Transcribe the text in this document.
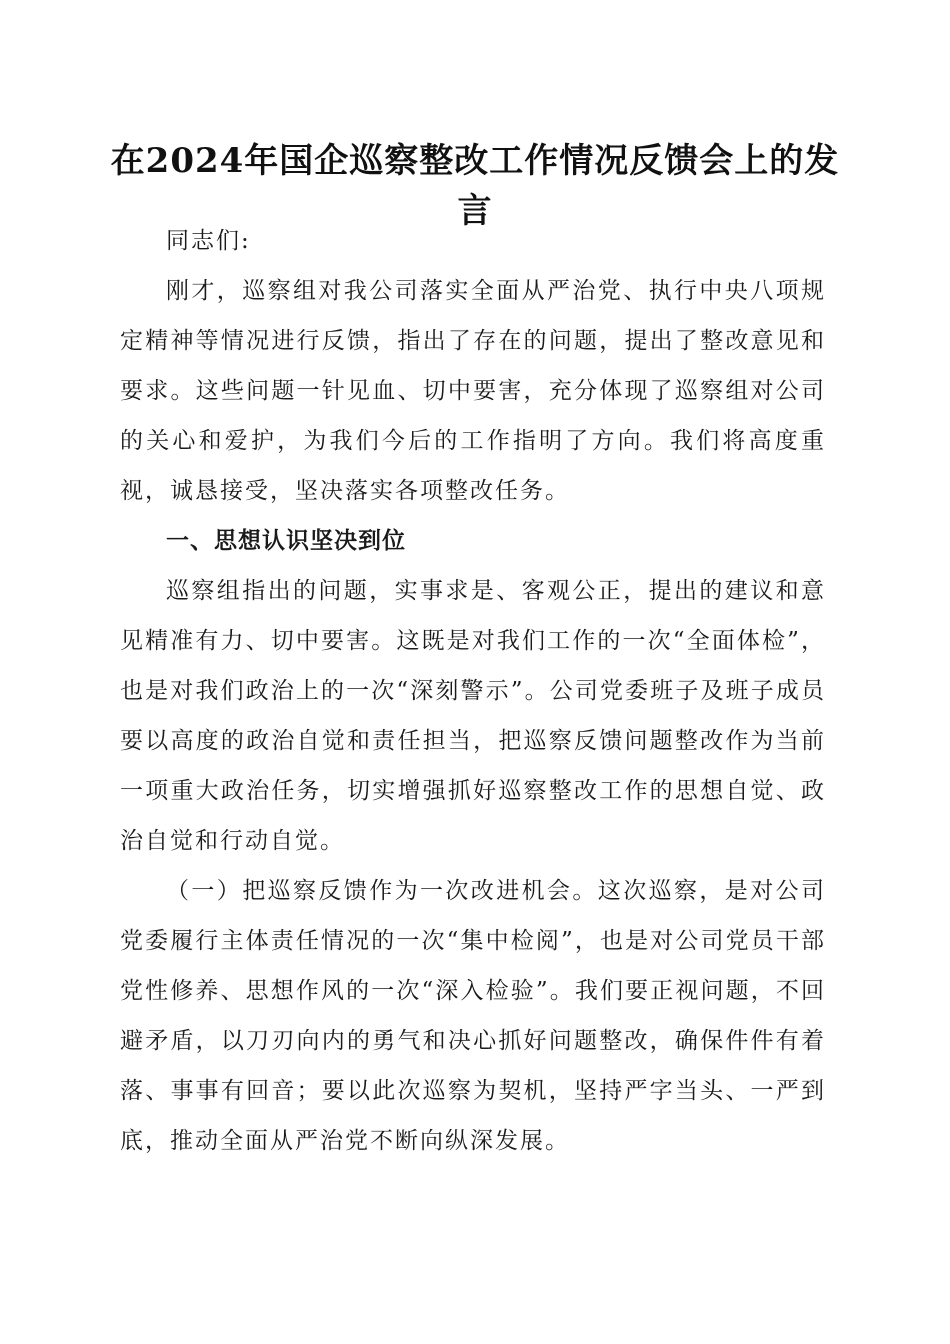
在2024年国企巡察整改工作情况反馈会上的发言

同志们:

刚才，巡察组对我公司落实全面从严治党、执行中央八项规定精神等情况进行反馈，指出了存在的问题，提出了整改意见和要求。这些问题一针见血、切中要害，充分体现了巡察组对公司的关心和爱护，为我们今后的工作指明了方向。我们将高度重视，诚恳接受，坚决落实各项整改任务。

一、思想认识坚决到位

巡察组指出的问题，实事求是、客观公正，提出的建议和意见精准有力、切中要害。这既是对我们工作的一次“全面体检”，也是对我们政治上的一次“深刻警示”。公司党委班子及班子成员要以高度的政治自觉和责任担当，把巡察反馈问题整改作为当前一项重大政治任务，切实增强抓好巡察整改工作的思想自觉、政治自觉和行动自觉。

（一）把巡察反馈作为一次改进机会。这次巡察，是对公司党委履行主体责任情况的一次“集中检阅”，也是对公司党员干部党性修养、思想作风的一次“深入检验”。我们要正视问题，不回避矛盾，以刀刃向内的勇气和决心抓好问题整改，确保件件有着落、事事有回音；要以此次巡察为契机，坚持严字当头、一严到底，推动全面从严治党不断向纵深发展。
